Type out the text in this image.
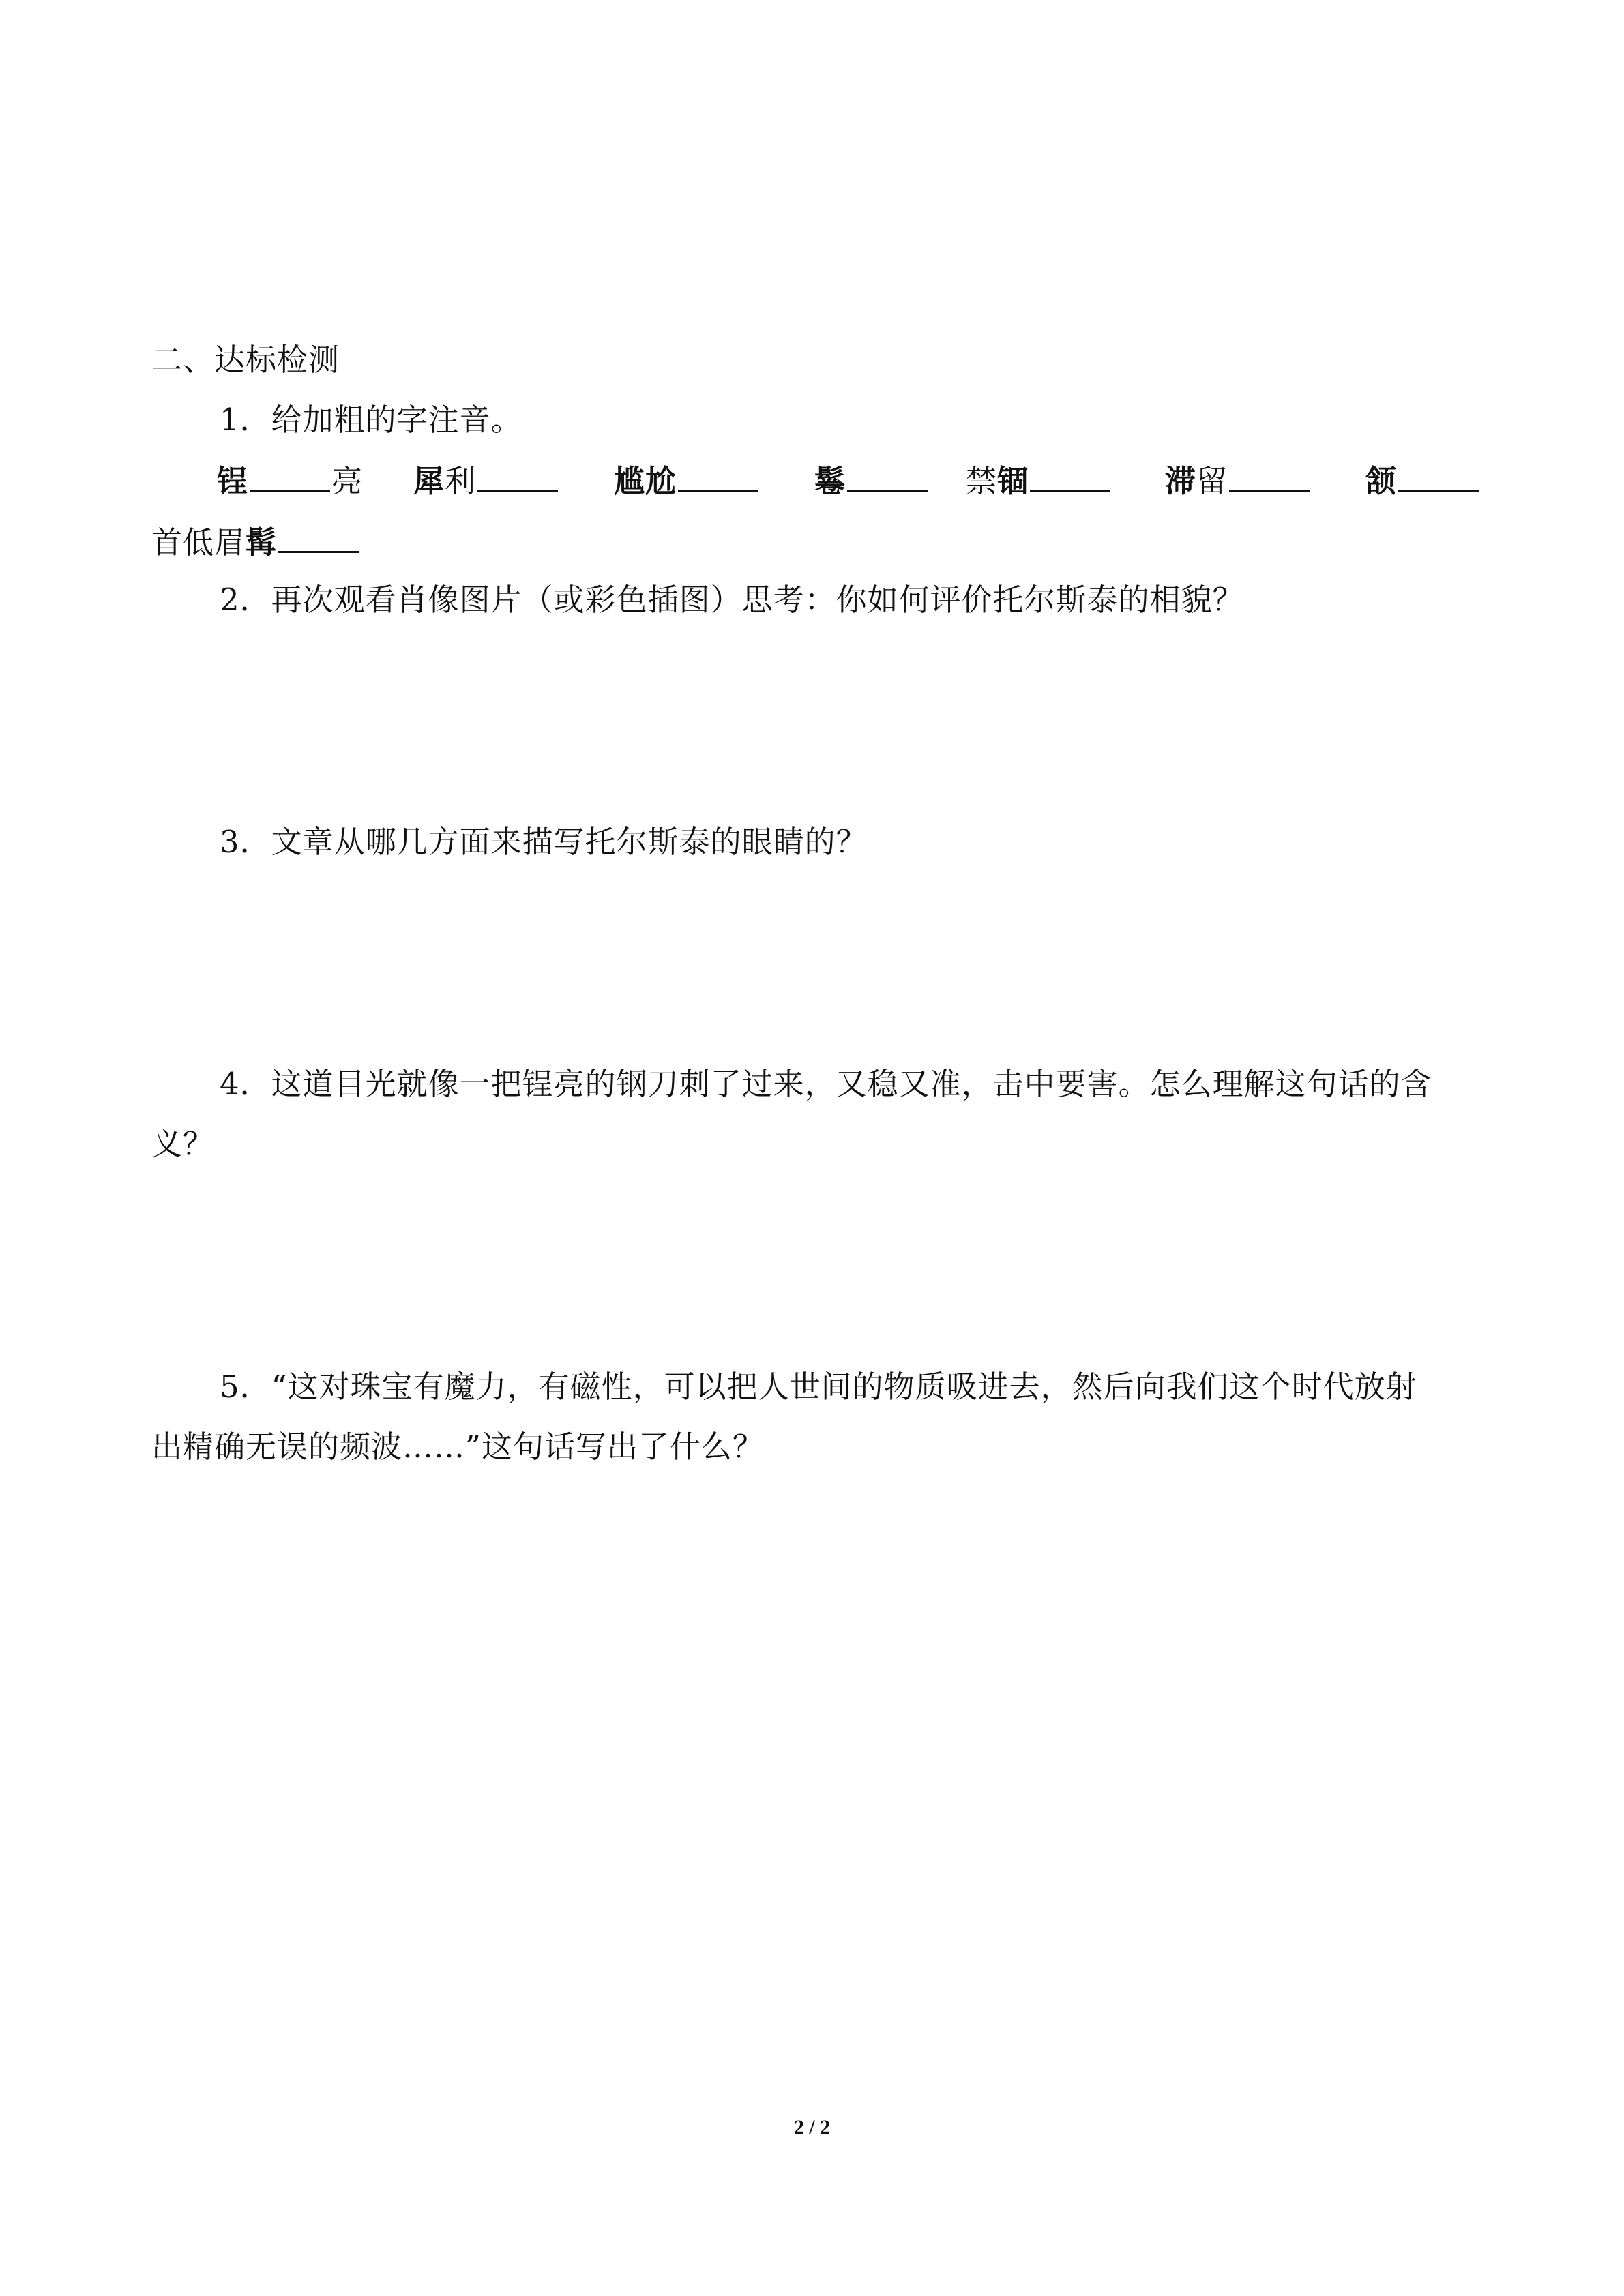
二、达标检测
1．给加粗的字注音。
锃	亮 犀利	尴尬	鬈	禁锢	滞留	颔
首低眉髯
2．再次观看肖像图片（或彩色插图）思考：你如何评价托尔斯泰的相貌？
3．文章从哪几方面来描写托尔斯泰的眼睛的？
4．这道目光就像一把锃亮的钢刀刺了过来，又稳又准，击中要害。怎么理解这句话的含
义？
5．“这对珠宝有魔力，有磁性，可以把人世间的物质吸进去，然后向我们这个时代放射
出精确无误的频波……”这句话写出了什么？
2 / 2
